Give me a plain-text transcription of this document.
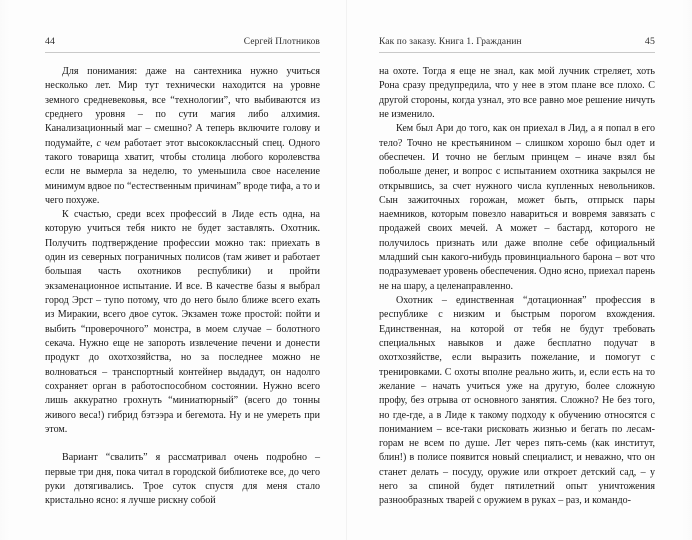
44	Сергей Плотников

Для понимания: даже на сантехника нужно учиться несколько лет. Мир тут технически находится на уровне земного средневековья, все “технологии”, что выбиваются из среднего уровня – по сути магия либо алхимия. Канализационный маг – смешно? А теперь включите голову и подумайте, с чем работает этот высококлассный спец. Одного такого товарища хватит, чтобы столица любого королевства если не вымерла за неделю, то уменьшила свое население минимум вдвое по “естественным причинам” вроде тифа, а то и чего похуже.

К счастью, среди всех профессий в Лиде есть одна, на которую учиться тебя никто не будет заставлять. Охотник. Получить подтверждение профессии можно так: приехать в один из северных пограничных полисов (там живет и работает большая часть охотников республики) и пройти экзаменационное испытание. И все. В качестве базы я выбрал город Эрст – тупо потому, что до него было ближе всего ехать из Миракии, всего двое суток. Экзамен тоже простой: пойти и выбить “проверочного” монстра, в моем случае – болотного секача. Нужно еще не запороть извлечение печени и донести продукт до охотхозяйства, но за последнее можно не волноваться – транспортный контейнер выдадут, он надолго сохраняет орган в работоспособном состоянии. Нужно всего лишь аккуратно грохнуть “миниатюрный” (всего до тонны живого веса!) гибрид бэтээра и бегемота. Ну и не умереть при этом.

Вариант “свалить” я рассматривал очень подробно – первые три дня, пока читал в городской библиотеке все, до чего руки дотягивались. Трое суток спустя для меня стало кристально ясно: я лучше рискну собой

Как по заказу. Книга 1. Гражданин	45

на охоте. Тогда я еще не знал, как мой лучник стреляет, хоть Рона сразу предупредила, что у нее в этом плане все плохо. С другой стороны, когда узнал, это все равно мое решение ничуть не изменило.

Кем был Ари до того, как он приехал в Лид, а я попал в его тело? Точно не крестьянином – слишком хорошо был одет и обеспечен. И точно не беглым принцем – иначе взял бы побольше денег, и вопрос с испытанием охотника закрылся не открывшись, за счет нужного числа купленных невольников. Сын зажиточных горожан, может быть, отпрыск пары наемников, которым повезло навариться и вовремя завязать с продажей своих мечей. А может – бастард, которого не получилось признать или даже вполне себе официальный младший сын какого-нибудь провинциального барона – вот что подразумевает уровень обеспечения. Одно ясно, приехал парень не на шару, а целенаправленно.

Охотник – единственная “дотационная” профессия в республике с низким и быстрым порогом вхождения. Единственная, на которой от тебя не будут требовать специальных навыков и даже бесплатно подучат в охотхозяйстве, если выразить пожелание, и помогут с тренировками. С охоты вполне реально жить, и, если есть на то желание – начать учиться уже на другую, более сложную профу, без отрыва от основного занятия. Сложно? Не без того, но где-где, а в Лиде к такому подходу к обучению относятся с пониманием – все-таки рисковать жизнью и бегать по лесам-горам не всем по душе. Лет через пять-семь (как институт, блин!) в полисе появится новый специалист, и неважно, что он станет делать – посуду, оружие или откроет детский сад, – у него за спиной будет пятилетний опыт уничтожения разнообразных тварей с оружием в руках – раз, и командо-
